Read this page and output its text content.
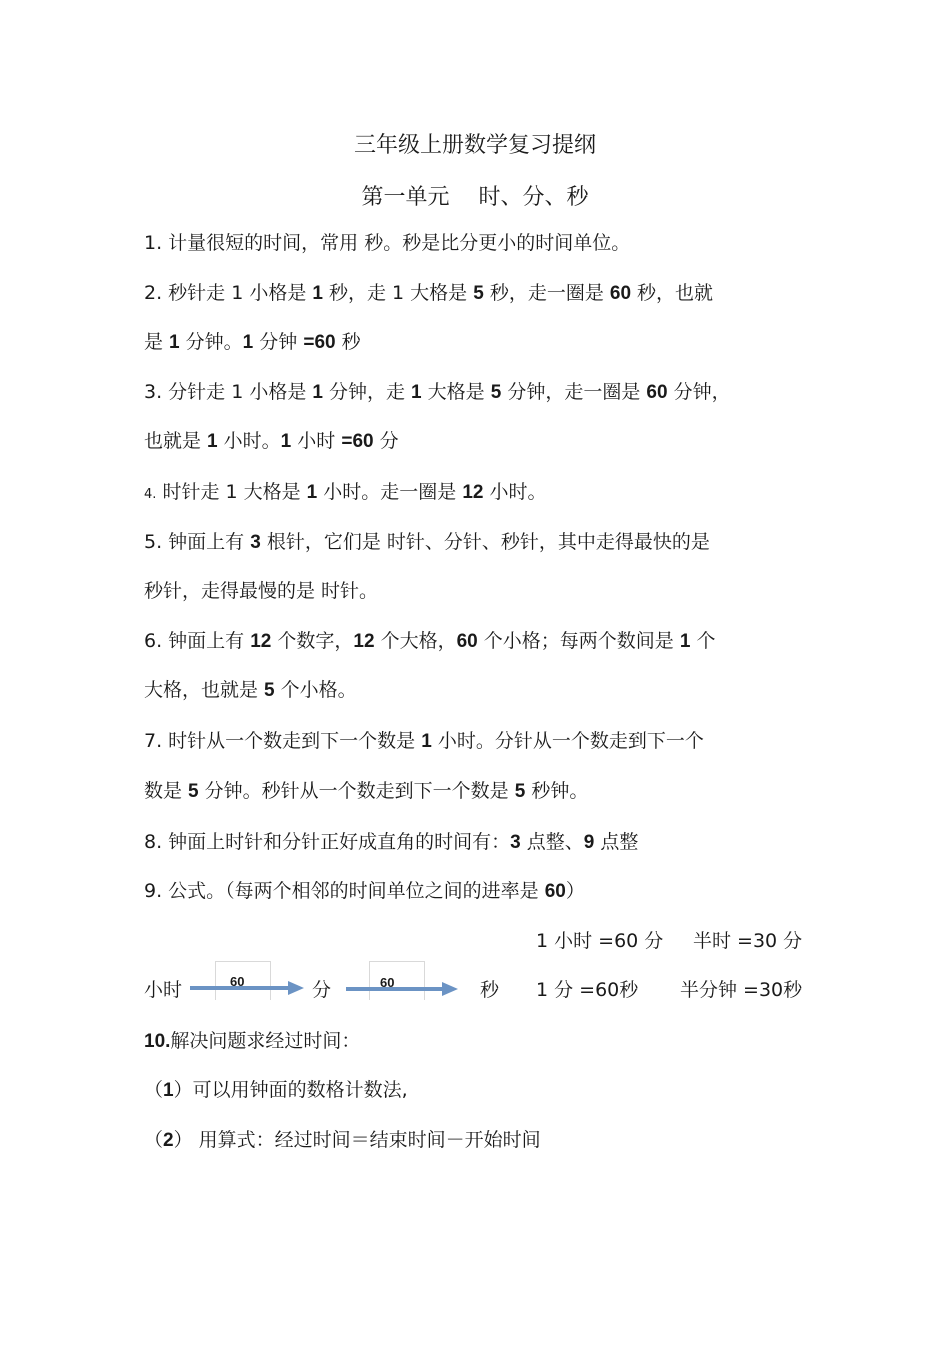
三年级上册数学复习提纲
第一单元　 时、分、秒
1. 计量很短的时间，常用 秒。秒是比分更小的时间单位。
2. 秒针走 1 小格是 1 秒，走 1 大格是 5 秒，走一圈是 60 秒，也就
是 1 分钟。1 分钟 =60 秒
3. 分针走 1 小格是 1 分钟，走 1 大格是 5 分钟，走一圈是 60 分钟，
也就是 1 小时。1 小时 =60 分
4. 时针走 1 大格是 1 小时。走一圈是 12 小时。
5. 钟面上有 3 根针，它们是 时针、分针、秒针，其中走得最快的是
秒针，走得最慢的是 时针。
6. 钟面上有 12 个数字，12 个大格，60 个小格；每两个数间是 1 个
大格，也就是 5 个小格。
7. 时针从一个数走到下一个数是 1 小时。分针从一个数走到下一个
数是 5 分钟。秒针从一个数走到下一个数是 5 秒钟。
8. 钟面上时针和分针正好成直角的时间有：3 点整、9 点整
9. 公式。（每两个相邻的时间单位之间的进率是 60）
1 小时 =60 分 半时 =30 分
小时	60	分	60	秒 1 分 =60秒 半分钟 =30秒
10.解决问题求经过时间：
（1）可以用钟面的数格计数法,
（2） 用算式：经过时间＝结束时间－开始时间
